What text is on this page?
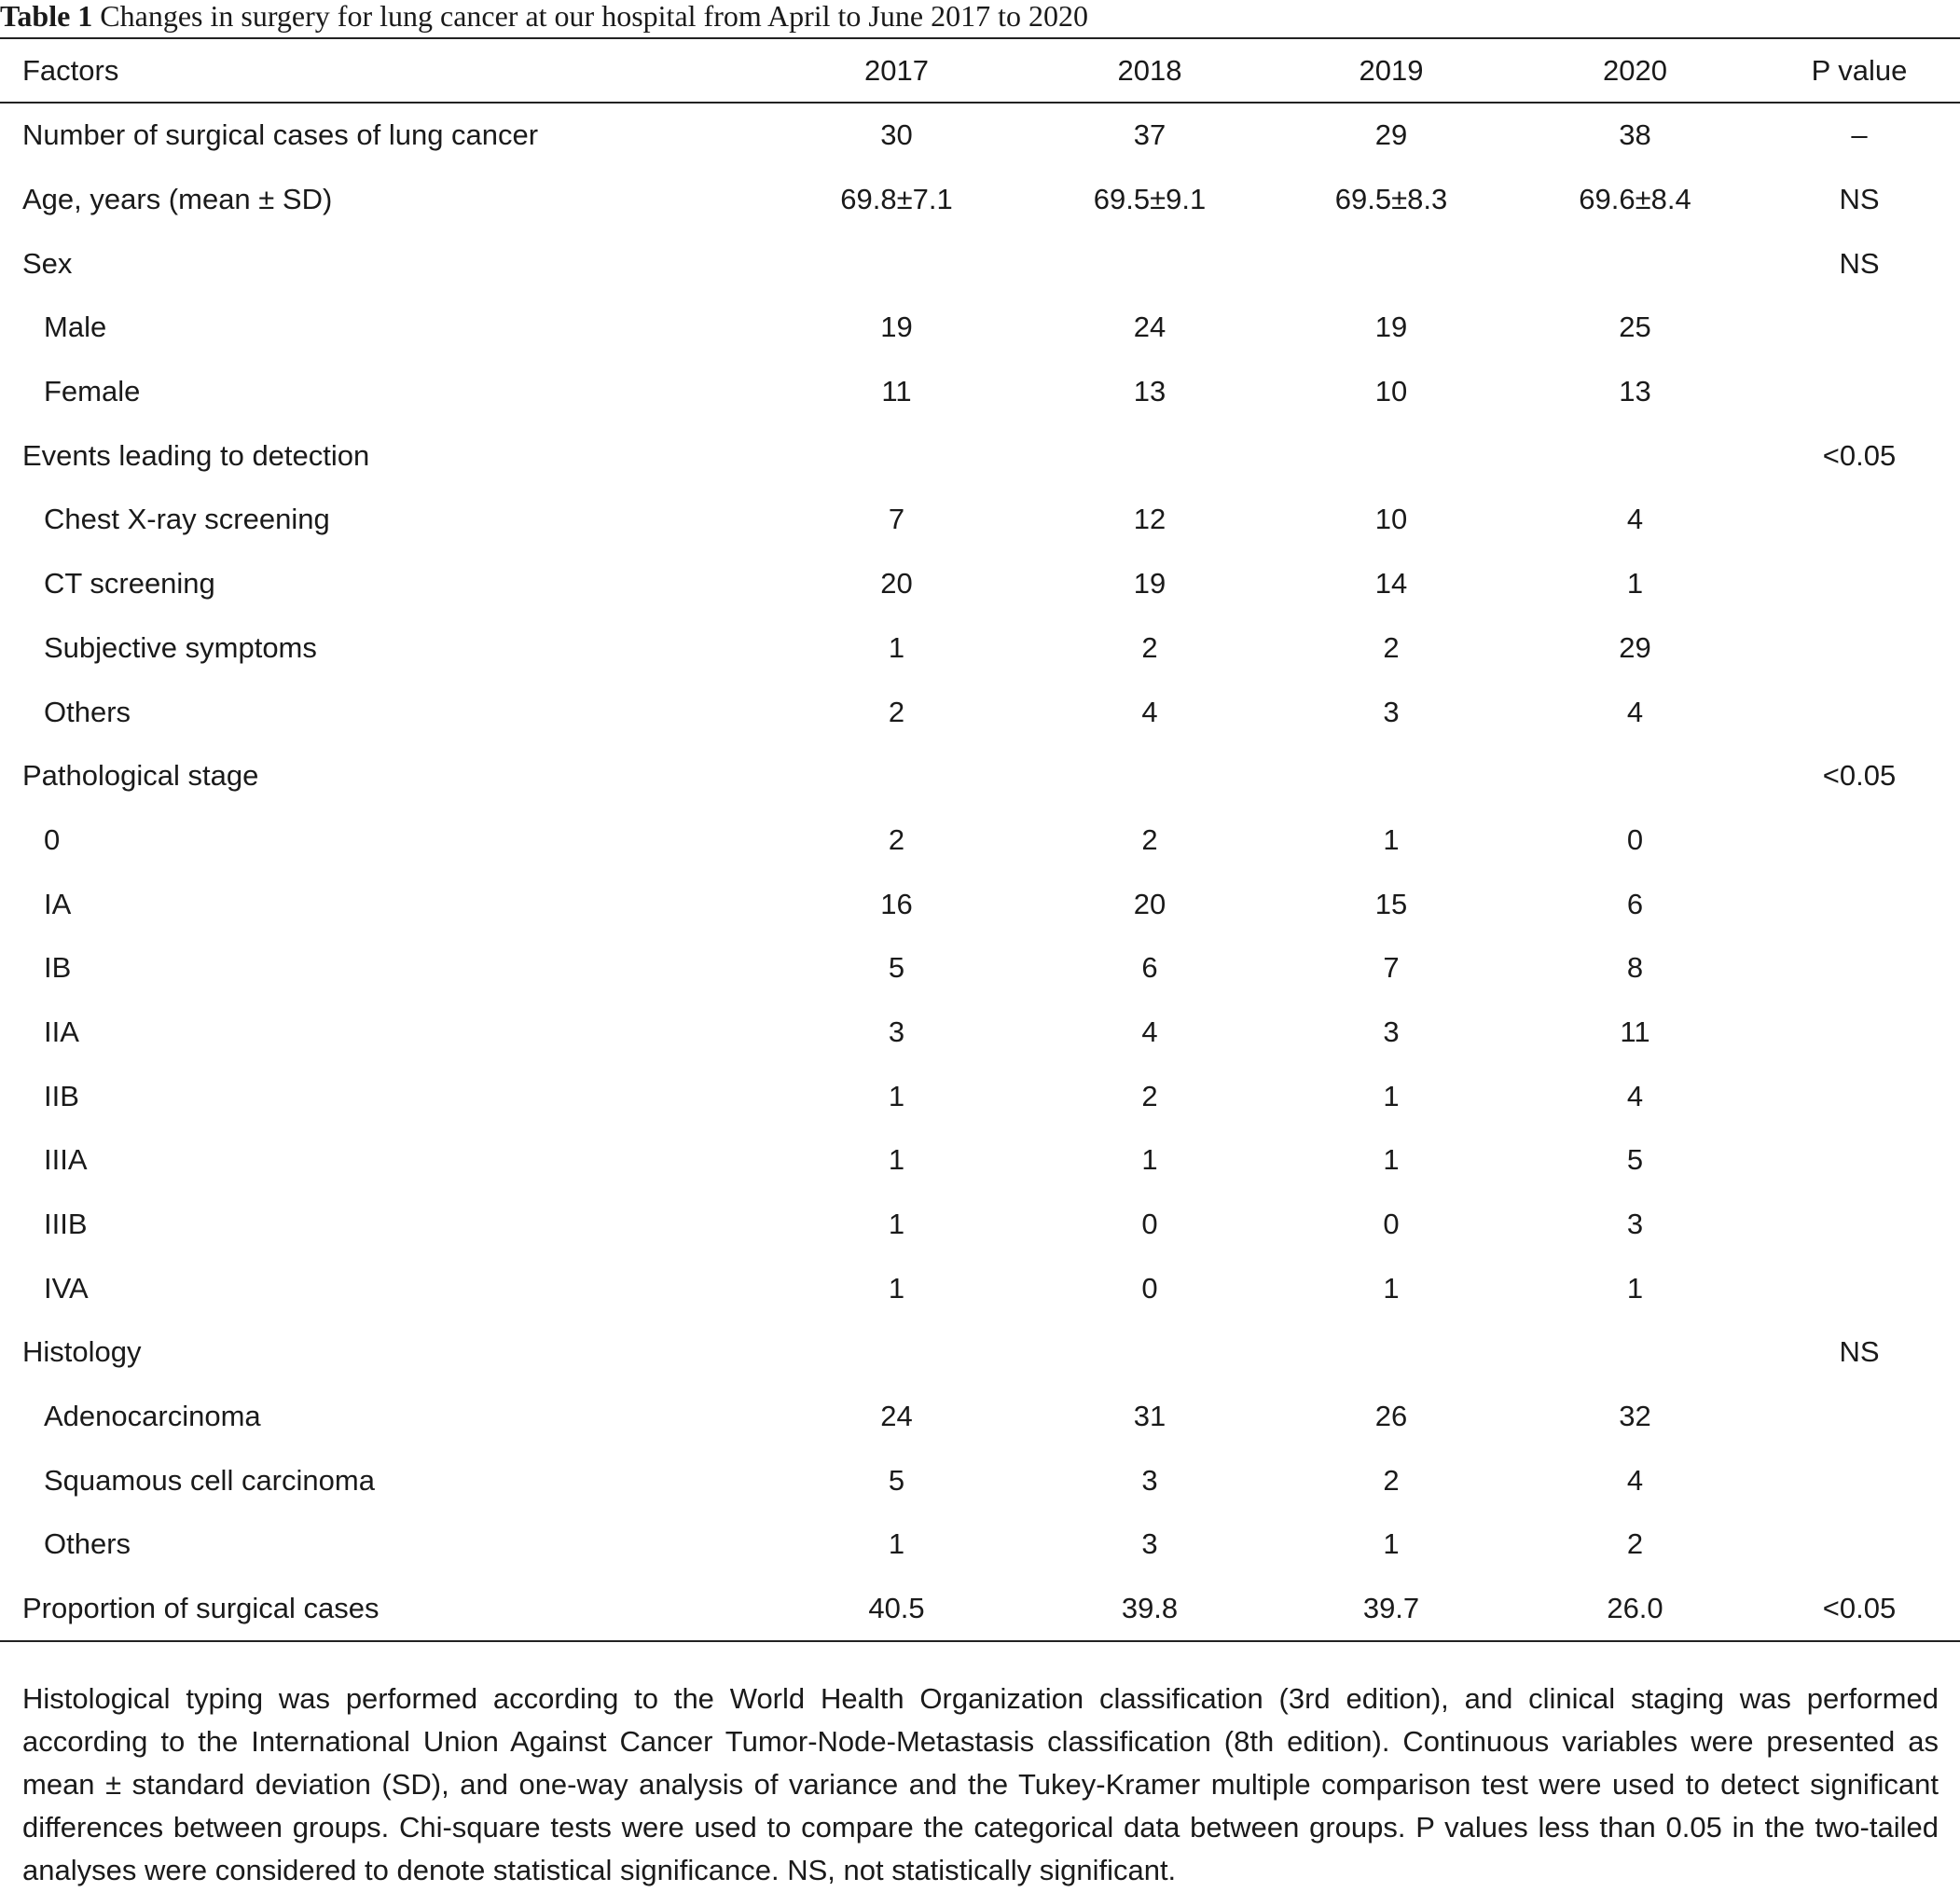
Table 1 Changes in surgery for lung cancer at our hospital from April to June 2017 to 2020
Factors	2017	2018	2019	2020	P value
Number of surgical cases of lung cancer	30	37	29	38	–
Age, years (mean ± SD)	69.8±7.1	69.5±9.1	69.5±8.3	69.6±8.4	NS
Sex					NS
Male	19	24	19	25	
Female	11	13	10	13	
Events leading to detection					<0.05
Chest X-ray screening	7	12	10	4	
CT screening	20	19	14	1	
Subjective symptoms	1	2	2	29	
Others	2	4	3	4	
Pathological stage					<0.05
0	2	2	1	0	
IA	16	20	15	6	
IB	5	6	7	8	
IIA	3	4	3	11	
IIB	1	2	1	4	
IIIA	1	1	1	5	
IIIB	1	0	0	3	
IVA	1	0	1	1	
Histology					NS
Adenocarcinoma	24	31	26	32	
Squamous cell carcinoma	5	3	2	4	
Others	1	3	1	2	
Proportion of surgical cases	40.5	39.8	39.7	26.0	<0.05

Histological typing was performed according to the World Health Organization classification (3rd edition), and clinical staging was performed according to the International Union Against Cancer Tumor-Node-Metastasis classification (8th edition). Continuous variables were presented as mean ± standard deviation (SD), and one-way analysis of variance and the Tukey-Kramer multiple comparison test were used to detect significant differences between groups. Chi-square tests were used to compare the categorical data between groups. P values less than 0.05 in the two-tailed analyses were considered to denote statistical significance. NS, not statistically significant.
